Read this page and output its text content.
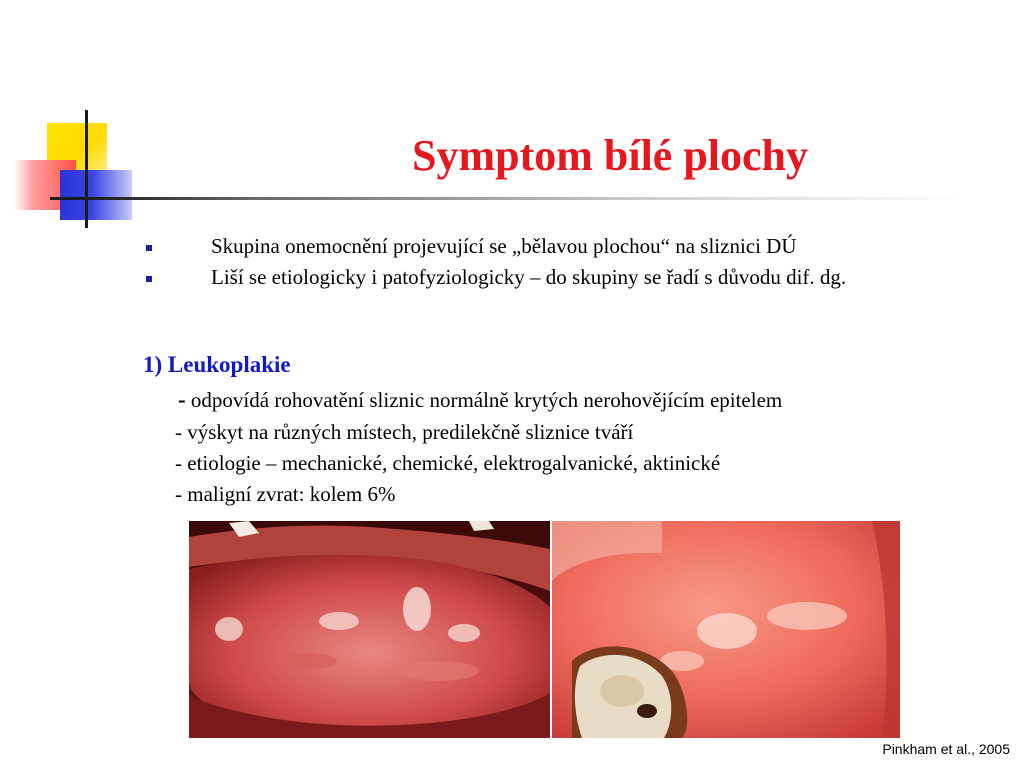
Symptom bílé plochy
Skupina onemocnění projevující se „bělavou plochou“ na sliznici DÚ
Liší se etiologicky i patofyziologicky – do skupiny se řadí s důvodu dif. dg.
1) Leukoplakie

- odpovídá rohovatění sliznic normálně krytých nerohovějícím epitelem

- výskyt na různých místech, predilekčně sliznice tváří

- etiologie – mechanické, chemické, elektrogalvanické, aktinické

- maligní zvrat: kolem 6%

Pinkham et al., 2005
